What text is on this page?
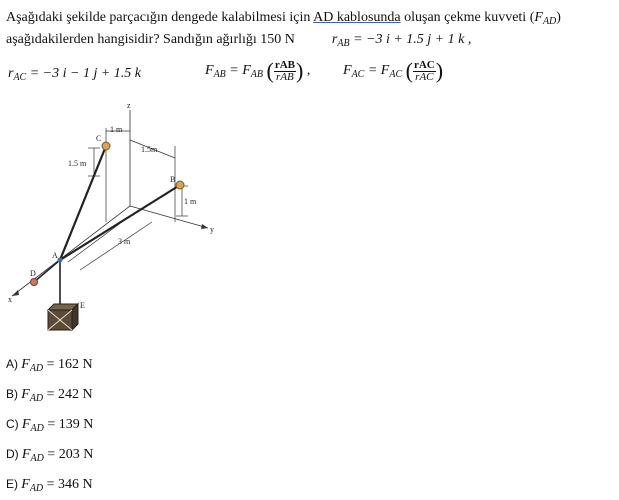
Aşağıdaki şekilde parçacığın dengede kalabilmesi için AD kablosunda oluşan çekme kuvveti $(F_{AD})$
aşağıdakilerden hangisidir? Sandığın ağırlığı 150 N	$r_{AB} = -3$ i + 1.5 j + 1 k ,
$r_{AC} = -3$ i − 1 j + 1.5 k	$F_{AB} = F_{AB}$ ( $\frac{\text{rAB}}{\text{rAB}}$ ) , $F_{AC} = F_{AC}$ ( $\frac{\text{rAC}}{\text{rAC}}$ )
z
y
x
A
B
C
D
E
1 m
1.5m
1.5 m
1 m
3 m
A) $F_{AD} = 162$ N
B) $F_{AD} = 242$ N
C) $F_{AD} = 139$ N
D) $F_{AD} = 203$ N
E) $F_{AD} = 346$ N
